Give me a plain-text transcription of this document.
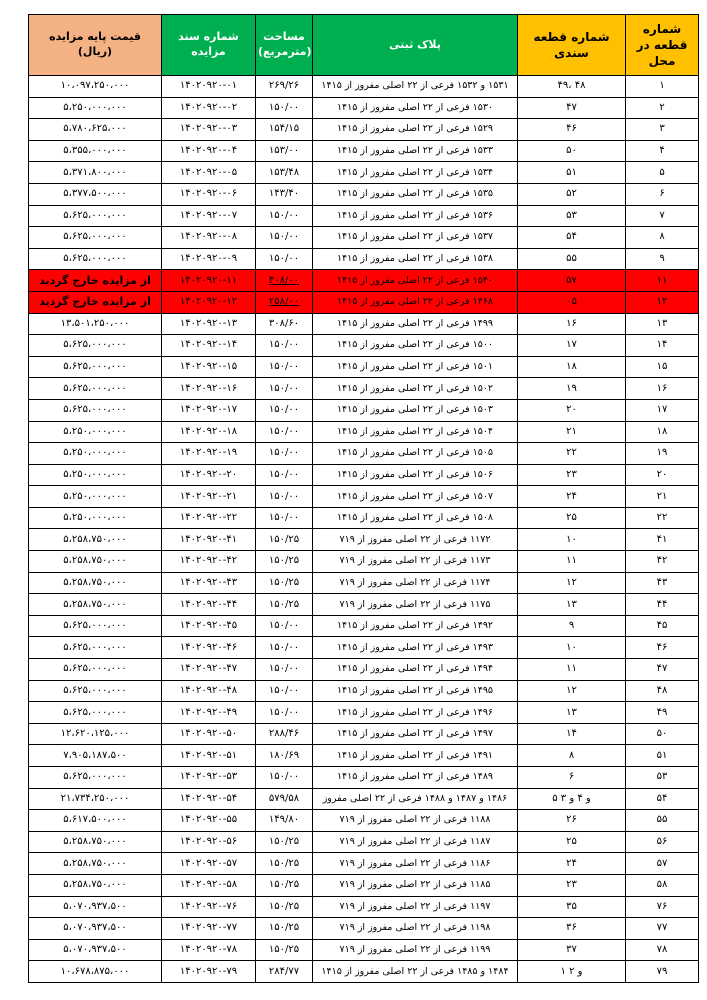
قیمت پایه مزایده (ریال)	شماره سند مزایده	مساحت (مترمربع)	پلاک ثبتی	شماره قطعه سندی	شماره قطعه در محل
۱۰،۰۹۷،۲۵۰،۰۰۰	۱۴۰۲۰۹۲۰-۰۱	۲۶۹/۲۶	۱۵۳۱ و ۱۵۳۲ فرعی از ۲۲ اصلی مفروز از ۱۴۱۵	۴۹، ۴۸	۱
۵،۲۵۰،۰۰۰،۰۰۰	۱۴۰۲۰۹۲۰-۰۲	۱۵۰/۰۰	۱۵۳۰ فرعی از ۲۲ اصلی مفروز از ۱۴۱۵	۴۷	۲
۵،۷۸۰،۶۲۵،۰۰۰	۱۴۰۲۰۹۲۰-۰۳	۱۵۴/۱۵	۱۵۲۹ فرعی از ۲۲ اصلی مفروز از ۱۴۱۵	۴۶	۳
۵،۳۵۵،۰۰۰،۰۰۰	۱۴۰۲۰۹۲۰-۰۴	۱۵۳/۰۰	۱۵۳۳ فرعی از ۲۲ اصلی مفروز از ۱۴۱۵	۵۰	۴
۵،۳۷۱،۸۰۰،۰۰۰	۱۴۰۲۰۹۲۰-۰۵	۱۵۳/۴۸	۱۵۳۴ فرعی از ۲۲ اصلی مفروز از ۱۴۱۵	۵۱	۵
۵،۳۷۷،۵۰۰،۰۰۰	۱۴۰۲۰۹۲۰-۰۶	۱۴۳/۴۰	۱۵۳۵ فرعی از ۲۲ اصلی مفروز از ۱۴۱۵	۵۲	۶
۵،۶۲۵،۰۰۰،۰۰۰	۱۴۰۲۰۹۲۰-۰۷	۱۵۰/۰۰	۱۵۳۶ فرعی از ۲۲ اصلی مفروز از ۱۴۱۵	۵۳	۷
۵،۶۲۵،۰۰۰،۰۰۰	۱۴۰۲۰۹۲۰-۰۸	۱۵۰/۰۰	۱۵۳۷ فرعی از ۲۲ اصلی مفروز از ۱۴۱۵	۵۴	۸
۵،۶۲۵،۰۰۰،۰۰۰	۱۴۰۲۰۹۲۰-۰۹	۱۵۰/۰۰	۱۵۳۸ فرعی از ۲۲ اصلی مفروز از ۱۴۱۵	۵۵	۹
از مزایده خارج گردید	۱۴۰۲۰۹۲۰-۱۱	۴۰۸/۰۰	۱۵۴۰ فرعی از ۲۲ اصلی مفروز از ۱۴۱۵	۵۷	۱۱
از مزایده خارج گردید	۱۴۰۲۰۹۲۰-۱۲	۲۵۸/۰۰	۱۴۶۸ فرعی از ۲۲ اصلی مفروز از ۱۴۱۵	۰۵	۱۲
۱۳،۵۰۱،۲۵۰،۰۰۰	۱۴۰۲۰۹۲۰-۱۳	۳۰۸/۶۰	۱۴۹۹ فرعی از ۲۲ اصلی مفروز از ۱۴۱۵	۱۶	۱۳
۵،۶۲۵،۰۰۰،۰۰۰	۱۴۰۲۰۹۲۰-۱۴	۱۵۰/۰۰	۱۵۰۰ فرعی از ۲۲ اصلی مفروز از ۱۴۱۵	۱۷	۱۴
۵،۶۲۵،۰۰۰،۰۰۰	۱۴۰۲۰۹۲۰-۱۵	۱۵۰/۰۰	۱۵۰۱ فرعی از ۲۲ اصلی مفروز از ۱۴۱۵	۱۸	۱۵
۵،۶۲۵،۰۰۰،۰۰۰	۱۴۰۲۰۹۲۰-۱۶	۱۵۰/۰۰	۱۵۰۲ فرعی از ۲۲ اصلی مفروز از ۱۴۱۵	۱۹	۱۶
۵،۶۲۵،۰۰۰،۰۰۰	۱۴۰۲۰۹۲۰-۱۷	۱۵۰/۰۰	۱۵۰۳ فرعی از ۲۲ اصلی مفروز از ۱۴۱۵	۲۰	۱۷
۵،۲۵۰،۰۰۰،۰۰۰	۱۴۰۲۰۹۲۰-۱۸	۱۵۰/۰۰	۱۵۰۴ فرعی از ۲۲ اصلی مفروز از ۱۴۱۵	۲۱	۱۸
۵،۲۵۰،۰۰۰،۰۰۰	۱۴۰۲۰۹۲۰-۱۹	۱۵۰/۰۰	۱۵۰۵ فرعی از ۲۲ اصلی مفروز از ۱۴۱۵	۲۲	۱۹
۵،۲۵۰،۰۰۰،۰۰۰	۱۴۰۲۰۹۲۰-۲۰	۱۵۰/۰۰	۱۵۰۶ فرعی از ۲۲ اصلی مفروز از ۱۴۱۵	۲۳	۲۰
۵،۲۵۰،۰۰۰،۰۰۰	۱۴۰۲۰۹۲۰-۲۱	۱۵۰/۰۰	۱۵۰۷ فرعی از ۲۲ اصلی مفروز از ۱۴۱۵	۲۴	۲۱
۵،۲۵۰،۰۰۰،۰۰۰	۱۴۰۲۰۹۲۰-۲۲	۱۵۰/۰۰	۱۵۰۸ فرعی از ۲۲ اصلی مفروز از ۱۴۱۵	۲۵	۲۲
۵،۲۵۸،۷۵۰،۰۰۰	۱۴۰۲۰۹۲۰-۴۱	۱۵۰/۲۵	۱۱۷۲ فرعی از ۲۲ اصلی مفروز از ۷۱۹	۱۰	۴۱
۵،۲۵۸،۷۵۰،۰۰۰	۱۴۰۲۰۹۲۰-۴۲	۱۵۰/۲۵	۱۱۷۳ فرعی از ۲۲ اصلی مفروز از ۷۱۹	۱۱	۴۲
۵،۲۵۸،۷۵۰،۰۰۰	۱۴۰۲۰۹۲۰-۴۳	۱۵۰/۲۵	۱۱۷۴ فرعی از ۲۲ اصلی مفروز از ۷۱۹	۱۲	۴۳
۵،۲۵۸،۷۵۰،۰۰۰	۱۴۰۲۰۹۲۰-۴۴	۱۵۰/۲۵	۱۱۷۵ فرعی از ۲۲ اصلی مفروز از ۷۱۹	۱۳	۴۴
۵،۶۲۵،۰۰۰،۰۰۰	۱۴۰۲۰۹۲۰-۴۵	۱۵۰/۰۰	۱۴۹۲ فرعی از ۲۲ اصلی مفروز از ۱۴۱۵	۹	۴۵
۵،۶۲۵،۰۰۰،۰۰۰	۱۴۰۲۰۹۲۰-۴۶	۱۵۰/۰۰	۱۴۹۳ فرعی از ۲۲ اصلی مفروز از ۱۴۱۵	۱۰	۴۶
۵،۶۲۵،۰۰۰،۰۰۰	۱۴۰۲۰۹۲۰-۴۷	۱۵۰/۰۰	۱۴۹۴ فرعی از ۲۲ اصلی مفروز از ۱۴۱۵	۱۱	۴۷
۵،۶۲۵،۰۰۰،۰۰۰	۱۴۰۲۰۹۲۰-۴۸	۱۵۰/۰۰	۱۴۹۵ فرعی از ۲۲ اصلی مفروز از ۱۴۱۵	۱۲	۴۸
۵،۶۲۵،۰۰۰،۰۰۰	۱۴۰۲۰۹۲۰-۴۹	۱۵۰/۰۰	۱۴۹۶ فرعی از ۲۲ اصلی مفروز از ۱۴۱۵	۱۳	۴۹
۱۲،۶۲۰،۱۲۵،۰۰۰	۱۴۰۲۰۹۲۰-۵۰	۲۸۸/۴۶	۱۴۹۷ فرعی از ۲۲ اصلی مفروز از ۱۴۱۵	۱۴	۵۰
۷،۹۰۵،۱۸۷،۵۰۰	۱۴۰۲۰۹۲۰-۵۱	۱۸۰/۶۹	۱۴۹۱ فرعی از ۲۲ اصلی مفروز از ۱۴۱۵	۸	۵۱
۵،۶۲۵،۰۰۰،۰۰۰	۱۴۰۲۰۹۲۰-۵۳	۱۵۰/۰۰	۱۴۸۹ فرعی از ۲۲ اصلی مفروز از ۱۴۱۵	۶	۵۳
۲۱،۷۳۴،۲۵۰،۰۰۰	۱۴۰۲۰۹۲۰-۵۴	۵۷۹/۵۸	۱۴۸۶ و ۱۴۸۷ و ۱۴۸۸ فرعی از ۲۲ اصلی مفروز	۵ و ۴ و ۳	۵۴
۵،۶۱۷،۵۰۰،۰۰۰	۱۴۰۲۰۹۲۰-۵۵	۱۴۹/۸۰	۱۱۸۸ فرعی از ۲۲ اصلی مفروز از ۷۱۹	۲۶	۵۵
۵،۲۵۸،۷۵۰،۰۰۰	۱۴۰۲۰۹۲۰-۵۶	۱۵۰/۲۵	۱۱۸۷ فرعی از ۲۲ اصلی مفروز از ۷۱۹	۲۵	۵۶
۵،۲۵۸،۷۵۰،۰۰۰	۱۴۰۲۰۹۲۰-۵۷	۱۵۰/۲۵	۱۱۸۶ فرعی از ۲۲ اصلی مفروز از ۷۱۹	۲۴	۵۷
۵،۲۵۸،۷۵۰،۰۰۰	۱۴۰۲۰۹۲۰-۵۸	۱۵۰/۲۵	۱۱۸۵ فرعی از ۲۲ اصلی مفروز از ۷۱۹	۲۳	۵۸
۵،۰۷۰،۹۳۷،۵۰۰	۱۴۰۲۰۹۲۰-۷۶	۱۵۰/۲۵	۱۱۹۷ فرعی از ۲۲ اصلی مفروز از ۷۱۹	۳۵	۷۶
۵،۰۷۰،۹۳۷،۵۰۰	۱۴۰۲۰۹۲۰-۷۷	۱۵۰/۲۵	۱۱۹۸ فرعی از ۲۲ اصلی مفروز از ۷۱۹	۳۶	۷۷
۵،۰۷۰،۹۳۷،۵۰۰	۱۴۰۲۰۹۲۰-۷۸	۱۵۰/۲۵	۱۱۹۹ فرعی از ۲۲ اصلی مفروز از ۷۱۹	۳۷	۷۸
۱۰،۶۷۸،۸۷۵،۰۰۰	۱۴۰۲۰۹۲۰-۷۹	۲۸۴/۷۷	۱۴۸۴ و ۱۴۸۵ فرعی از ۲۲ اصلی مفروز از ۱۴۱۵	۱ و ۲	۷۹
